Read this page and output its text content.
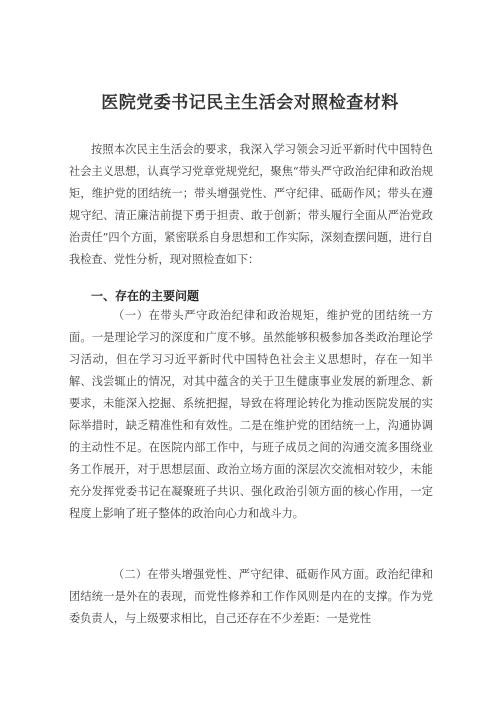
医院党委书记民主生活会对照检查材料

按照本次民主生活会的要求，我深入学习领会习近平新时代中国特色社会主义思想，认真学习党章党规党纪，聚焦“带头严守政治纪律和政治规矩，维护党的团结统一；带头增强党性、严守纪律、砥砺作风；带头在遵规守纪、清正廉洁前提下勇于担责、敢于创新；带头履行全面从严治党政治责任”四个方面，紧密联系自身思想和工作实际，深刻查摆问题，进行自我检查、党性分析，现对照检查如下：

一、存在的主要问题

（一）在带头严守政治纪律和政治规矩，维护党的团结统一方面。一是理论学习的深度和广度不够。虽然能够积极参加各类政治理论学习活动，但在学习习近平新时代中国特色社会主义思想时，存在一知半解、浅尝辄止的情况，对其中蕴含的关于卫生健康事业发展的新理念、新要求，未能深入挖掘、系统把握，导致在将理论转化为推动医院发展的实际举措时，缺乏精准性和有效性。二是在维护党的团结统一上，沟通协调的主动性不足。在医院内部工作中，与班子成员之间的沟通交流多围绕业务工作展开，对于思想层面、政治立场方面的深层次交流相对较少，未能充分发挥党委书记在凝聚班子共识、强化政治引领方面的核心作用，一定程度上影响了班子整体的政治向心力和战斗力。

（二）在带头增强党性、严守纪律、砥砺作风方面。政治纪律和团结统一是外在的表现，而党性修养和工作作风则是内在的支撑。作为党委负责人，与上级要求相比，自己还存在不少差距：一是党性
